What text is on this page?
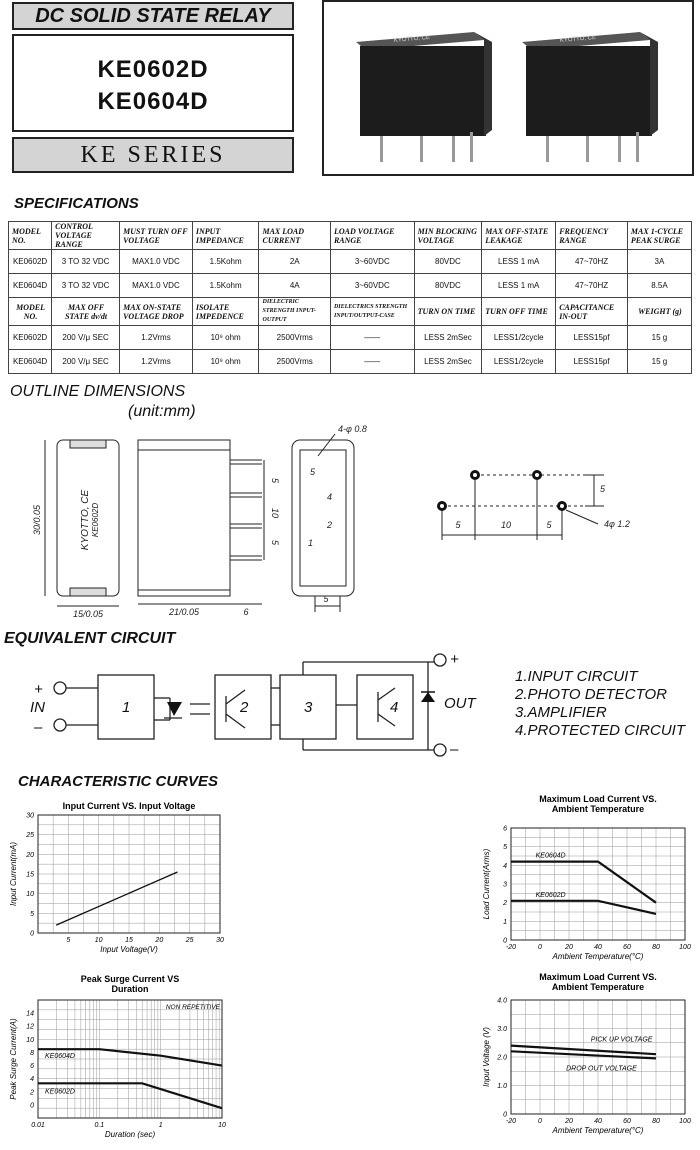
DC SOLID STATE RELAY
KE0602D
KE0604D
KE SERIES
KYOTTO, CE	KYOTTO, CE
SPECIFICATIONS
MODEL NO.	CONTROL VOLTAGE RANGE	MUST TURN OFF VOLTAGE	INPUT IMPEDANCE	MAX LOAD CURRENT	LOAD VOLTAGE RANGE	MIN BLOCKING VOLTAGE	MAX OFF-STATE LEAKAGE	FREQUENCY RANGE	MAX 1-CYCLE PEAK SURGE
KE0602D	3 TO 32 VDC	MAX1.0 VDC	1.5Kohm	2A	3~60VDC	80VDC	LESS 1 mA	47~70HZ	3A
KE0604D	3 TO 32 VDC	MAX1.0 VDC	1.5Kohm	4A	3~60VDC	80VDC	LESS 1 mA	47~70HZ	8.5A
MODEL NO.	MAX OFF STATE dv/dt	MAX ON-STATE VOLTAGE DROP	ISOLATE IMPEDENCE	DIELECTRIC STRENGTH INPUT-OUTPUT	DIELECTRICS STRENGTH INPUT/OUTPUT-CASE	TURN ON TIME	TURN OFF TIME	CAPACITANCE IN-OUT	WEIGHT (g)
KE0602D	200 V/μ SEC	1.2Vrms	10⁹ ohm	2500Vrms	——	LESS 2mSec	LESS1/2cycle	LESS15pf	15 g
KE0604D	200 V/μ SEC	1.2Vrms	10⁹ ohm	2500Vrms	——	LESS 2mSec	LESS1/2cycle	LESS15pf	15 g
OUTLINE DIMENSIONS
(unit:mm)
KYOTTO, CE KE0602D
30/0.05
15/0.05	21/0.05	6
5
10
5
4-φ 0.8
5
5
4
2
1
5	10	5
5
4φ 1.2
EQUIVALENT CIRCUIT
+
IN
–
1	2	3	4	OUT
+
–
1.INPUT CIRCUIT
2.PHOTO DETECTOR
3.AMPLIFIER
4.PROTECTED CIRCUIT
CHARACTERISTIC CURVES
Input Current VS. Input Voltage
5	10	15	20	25	30
0
5
10
15
20
25
30
Input Voltage(V)
Input Current(mA)
Maximum Load Current VS. Ambient Temperature
-20	0	20	40	60	80	100
0
1
2
3
4
5
6
Ambient Temperature(°C)
Load Current(Arms)	KE0604D
KE0602D
Peak Surge Current VS Duration
0.01	0.1	1	10
0
2
4
6
8
10
12
14
Duration (sec)
Peak Surge Current(A)	KE0604D
KE0602D
NON REPETITIVE
Maximum Load Current VS. Ambient Temperature
-20	0	20	40	60	80	100
0
1.0
2.0
3.0
4.0
Ambient Temperature(°C)
Input Voltage (V)	PICK UP VOLTAGE
DROP OUT VOLTAGE
